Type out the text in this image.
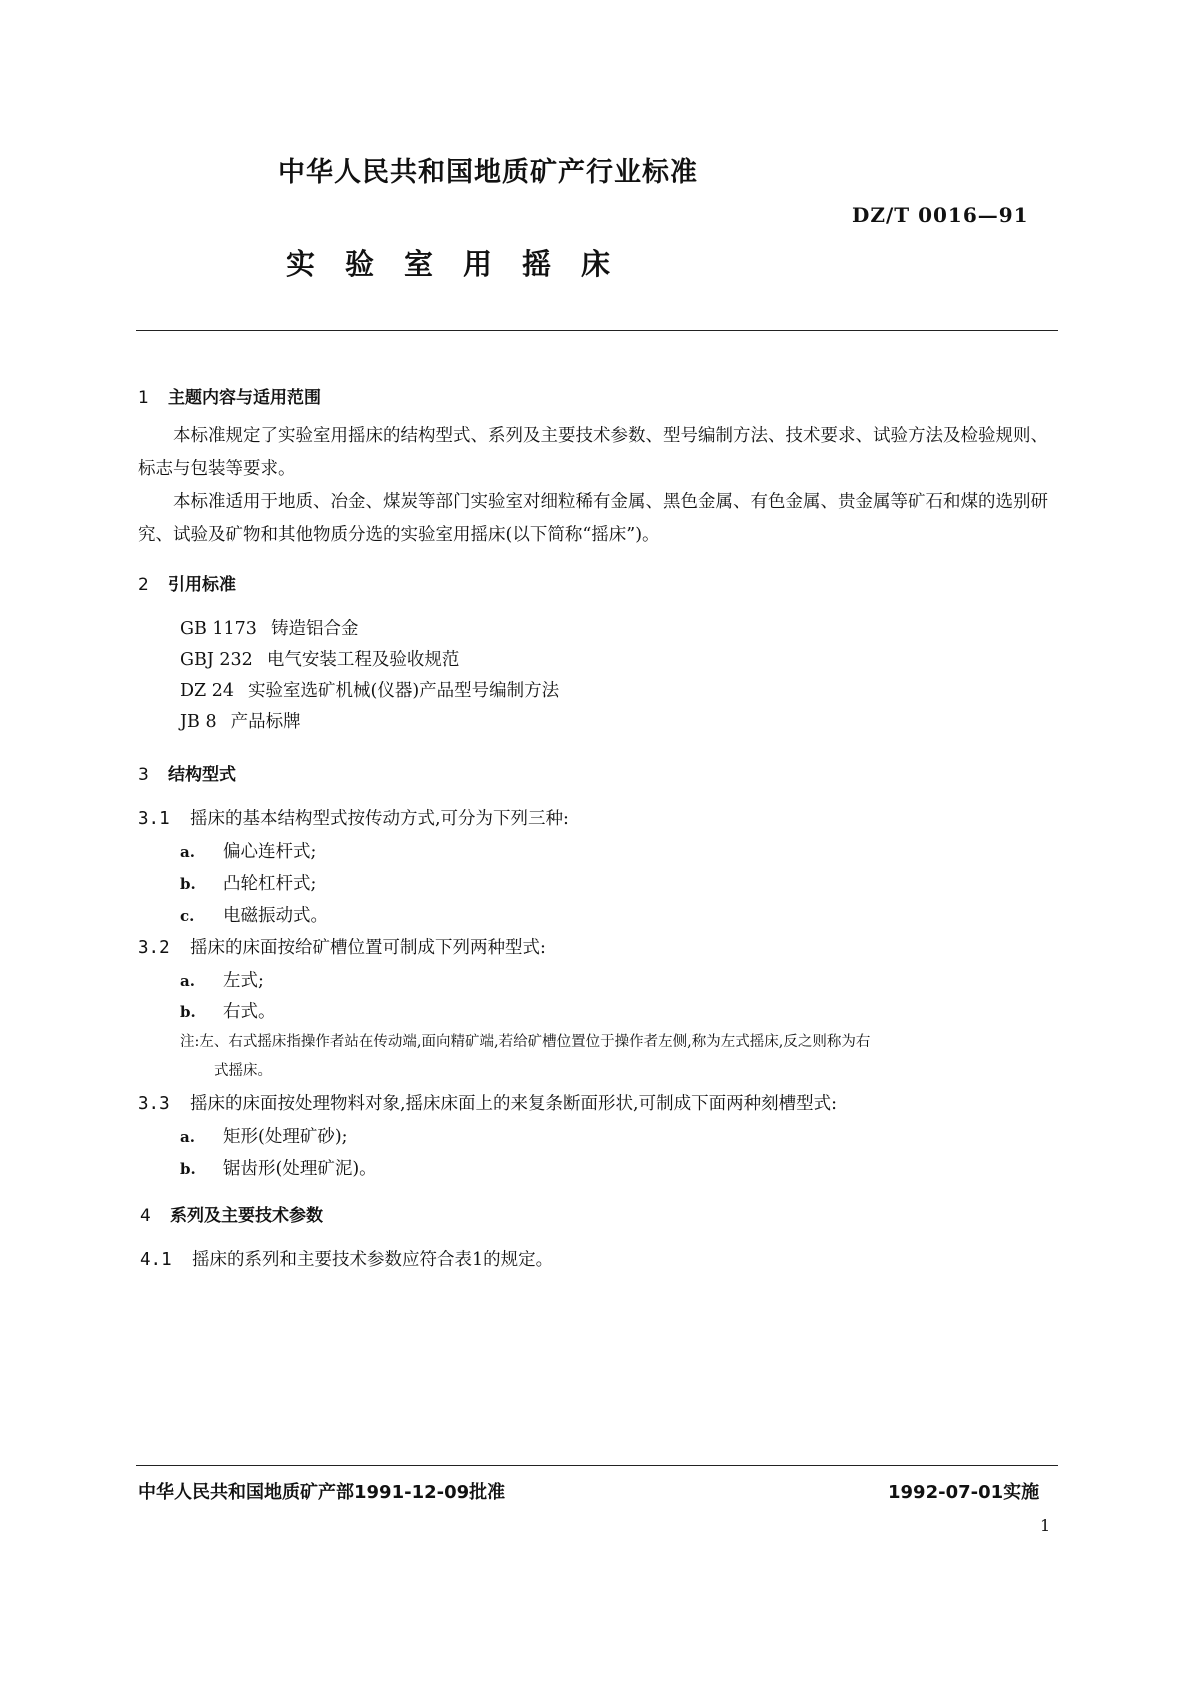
中华人民共和国地质矿产行业标准
DZ/T 0016—91
实验室用摇床
1 主题内容与适用范围

本标准规定了实验室用摇床的结构型式、系列及主要技术参数、型号编制方法、技术要求、试验方法及检验规则、标志与包装等要求。

本标准适用于地质、冶金、煤炭等部门实验室对细粒稀有金属、黑色金属、有色金属、贵金属等矿石和煤的选别研究、试验及矿物和其他物质分选的实验室用摇床(以下简称“摇床”)。

2 引用标准
GB 1173 铸造铝合金
GBJ 232 电气安装工程及验收规范
DZ 24 实验室选矿机械(仪器)产品型号编制方法
JB 8 产品标牌
3 结构型式
3.1 摇床的基本结构型式按传动方式,可分为下列三种:
a. 偏心连杆式;
b. 凸轮杠杆式;
c. 电磁振动式。
3.2 摇床的床面按给矿槽位置可制成下列两种型式:
a. 左式;
b. 右式。
注:左、右式摇床指操作者站在传动端,面向精矿端,若给矿槽位置位于操作者左侧,称为左式摇床,反之则称为右
式摇床。
3.3 摇床的床面按处理物料对象,摇床床面上的来复条断面形状,可制成下面两种刻槽型式:
a. 矩形(处理矿砂);
b. 锯齿形(处理矿泥)。
4 系列及主要技术参数
4.1 摇床的系列和主要技术参数应符合表1的规定。
中华人民共和国地质矿产部1991-12-09批准	1992-07-01实施
1
